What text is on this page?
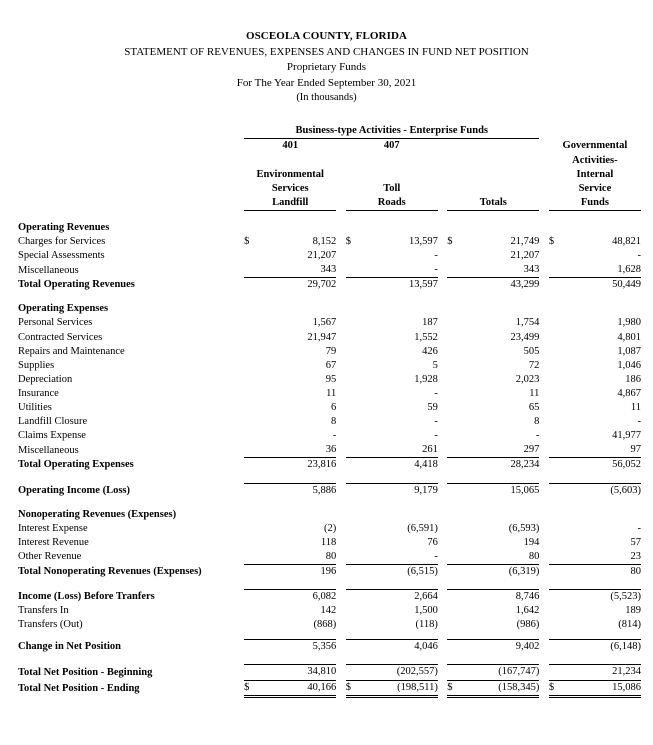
OSCEOLA COUNTY, FLORIDA
STATEMENT OF REVENUES, EXPENSES AND CHANGES IN FUND NET POSITION
Proprietary Funds
For The Year Ended September 30, 2021
(In thousands)
	Business-type Activities - Enterprise Funds										
	401			407						Governmental	
										Activities-	
	Environmental									Internal	
	Services			Toll						Service	
	Landfill			Roads			Totals			Funds	

Operating Revenues											
Charges for Services	$	8,152		$	13,597		$	21,749		$	48,821
Special Assessments		21,207			-			21,207			-
Miscellaneous		343			-			343			1,628
Total Operating Revenues		29,702			13,597			43,299			50,449

Operating Expenses											
Personal Services		1,567			187			1,754			1,980
Contracted Services		21,947			1,552			23,499			4,801
Repairs and Maintenance		79			426			505			1,087
Supplies		67			5			72			1,046
Depreciation		95			1,928			2,023			186
Insurance		11			-			11			4,867
Utilities		6			59			65			11
Landfill Closure		8			-			8			-
Claims Expense		-			-			-			41,977
Miscellaneous		36			261			297			97
Total Operating Expenses		23,816			4,418			28,234			56,052

Operating Income (Loss)		5,886			9,179			15,065			(5,603)

Nonoperating Revenues (Expenses)											
Interest Expense		(2)			(6,591)			(6,593)			-
Interest Revenue		118			76			194			57
Other Revenue		80			-			80			23
Total Nonoperating Revenues (Expenses)		196			(6,515)			(6,319)			80

Income (Loss) Before Tranfers		6,082			2,664			8,746			(5,523)
Transfers In		142			1,500			1,642			189
Transfers (Out)		(868)			(118)			(986)			(814)

Change in Net Position		5,356			4,046			9,402			(6,148)

Total Net Position - Beginning		34,810			(202,557)			(167,747)			21,234
Total Net Position - Ending	$	40,166		$	(198,511)		$	(158,345)		$	15,086
